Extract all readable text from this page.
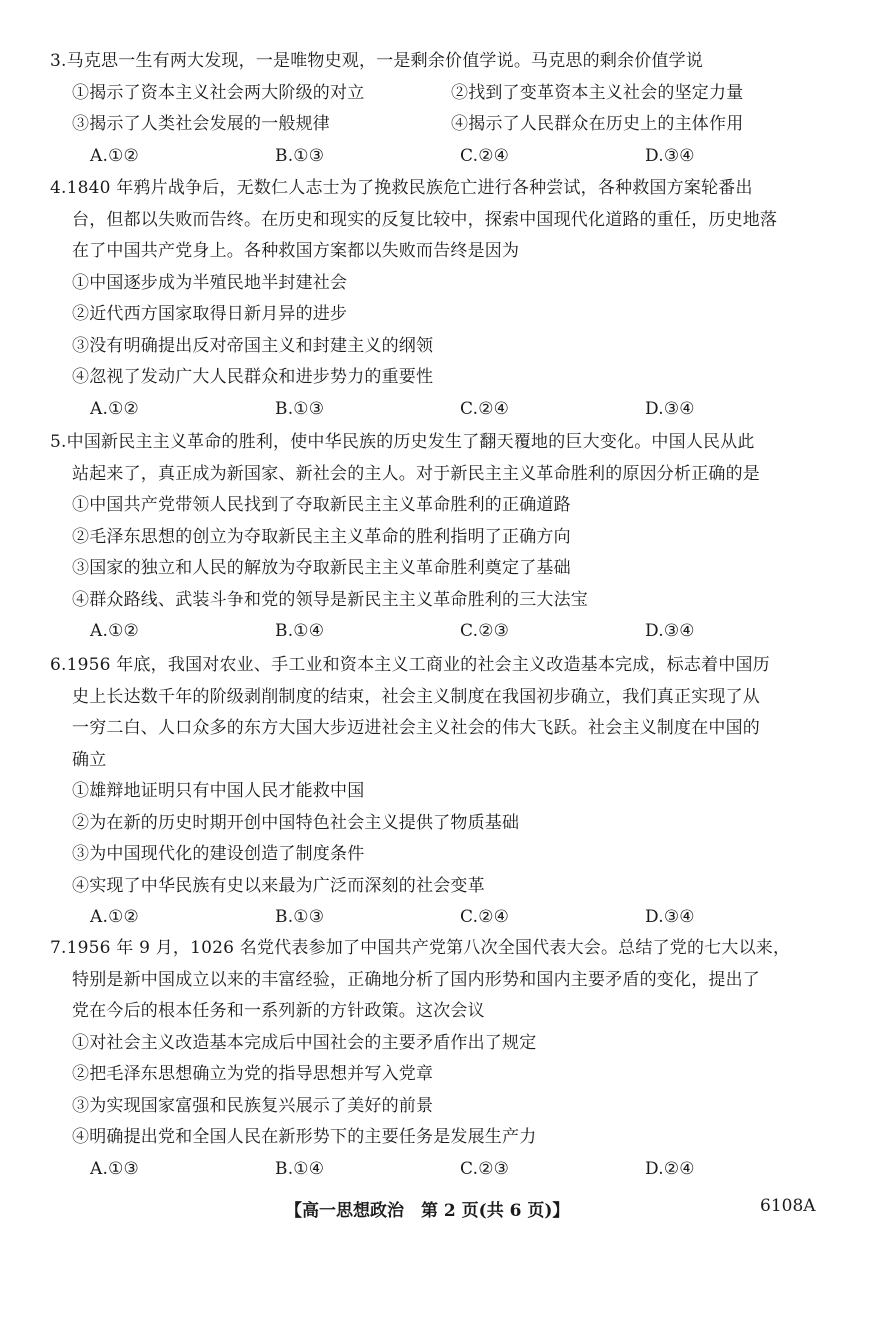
3.马克思一生有两大发现，一是唯物史观，一是剩余价值学说。马克思的剩余价值学说
①揭示了资本主义社会两大阶级的对立	②找到了变革资本主义社会的坚定力量
③揭示了人类社会发展的一般规律	④揭示了人民群众在历史上的主体作用
A.①②	B.①③	C.②④	D.③④
4.1840 年鸦片战争后，无数仁人志士为了挽救民族危亡进行各种尝试，各种救国方案轮番出
台，但都以失败而告终。在历史和现实的反复比较中，探索中国现代化道路的重任，历史地落
在了中国共产党身上。各种救国方案都以失败而告终是因为
①中国逐步成为半殖民地半封建社会
②近代西方国家取得日新月异的进步
③没有明确提出反对帝国主义和封建主义的纲领
④忽视了发动广大人民群众和进步势力的重要性
A.①②	B.①③	C.②④	D.③④
5.中国新民主主义革命的胜利，使中华民族的历史发生了翻天覆地的巨大变化。中国人民从此
站起来了，真正成为新国家、新社会的主人。对于新民主主义革命胜利的原因分析正确的是
①中国共产党带领人民找到了夺取新民主主义革命胜利的正确道路
②毛泽东思想的创立为夺取新民主主义革命的胜利指明了正确方向
③国家的独立和人民的解放为夺取新民主主义革命胜利奠定了基础
④群众路线、武装斗争和党的领导是新民主主义革命胜利的三大法宝
A.①②	B.①④	C.②③	D.③④
6.1956 年底，我国对农业、手工业和资本主义工商业的社会主义改造基本完成，标志着中国历
史上长达数千年的阶级剥削制度的结束，社会主义制度在我国初步确立，我们真正实现了从
一穷二白、人口众多的东方大国大步迈进社会主义社会的伟大飞跃。社会主义制度在中国的
确立
①雄辩地证明只有中国人民才能救中国
②为在新的历史时期开创中国特色社会主义提供了物质基础
③为中国现代化的建设创造了制度条件
④实现了中华民族有史以来最为广泛而深刻的社会变革
A.①②	B.①③	C.②④	D.③④
7.1956 年 9 月，1026 名党代表参加了中国共产党第八次全国代表大会。总结了党的七大以来，
特别是新中国成立以来的丰富经验，正确地分析了国内形势和国内主要矛盾的变化，提出了
党在今后的根本任务和一系列新的方针政策。这次会议
①对社会主义改造基本完成后中国社会的主要矛盾作出了规定
②把毛泽东思想确立为党的指导思想并写入党章
③为实现国家富强和民族复兴展示了美好的前景
④明确提出党和全国人民在新形势下的主要任务是发展生产力
A.①③	B.①④	C.②③	D.②④
【高一思想政治　第 2 页(共 6 页)】	6108A
